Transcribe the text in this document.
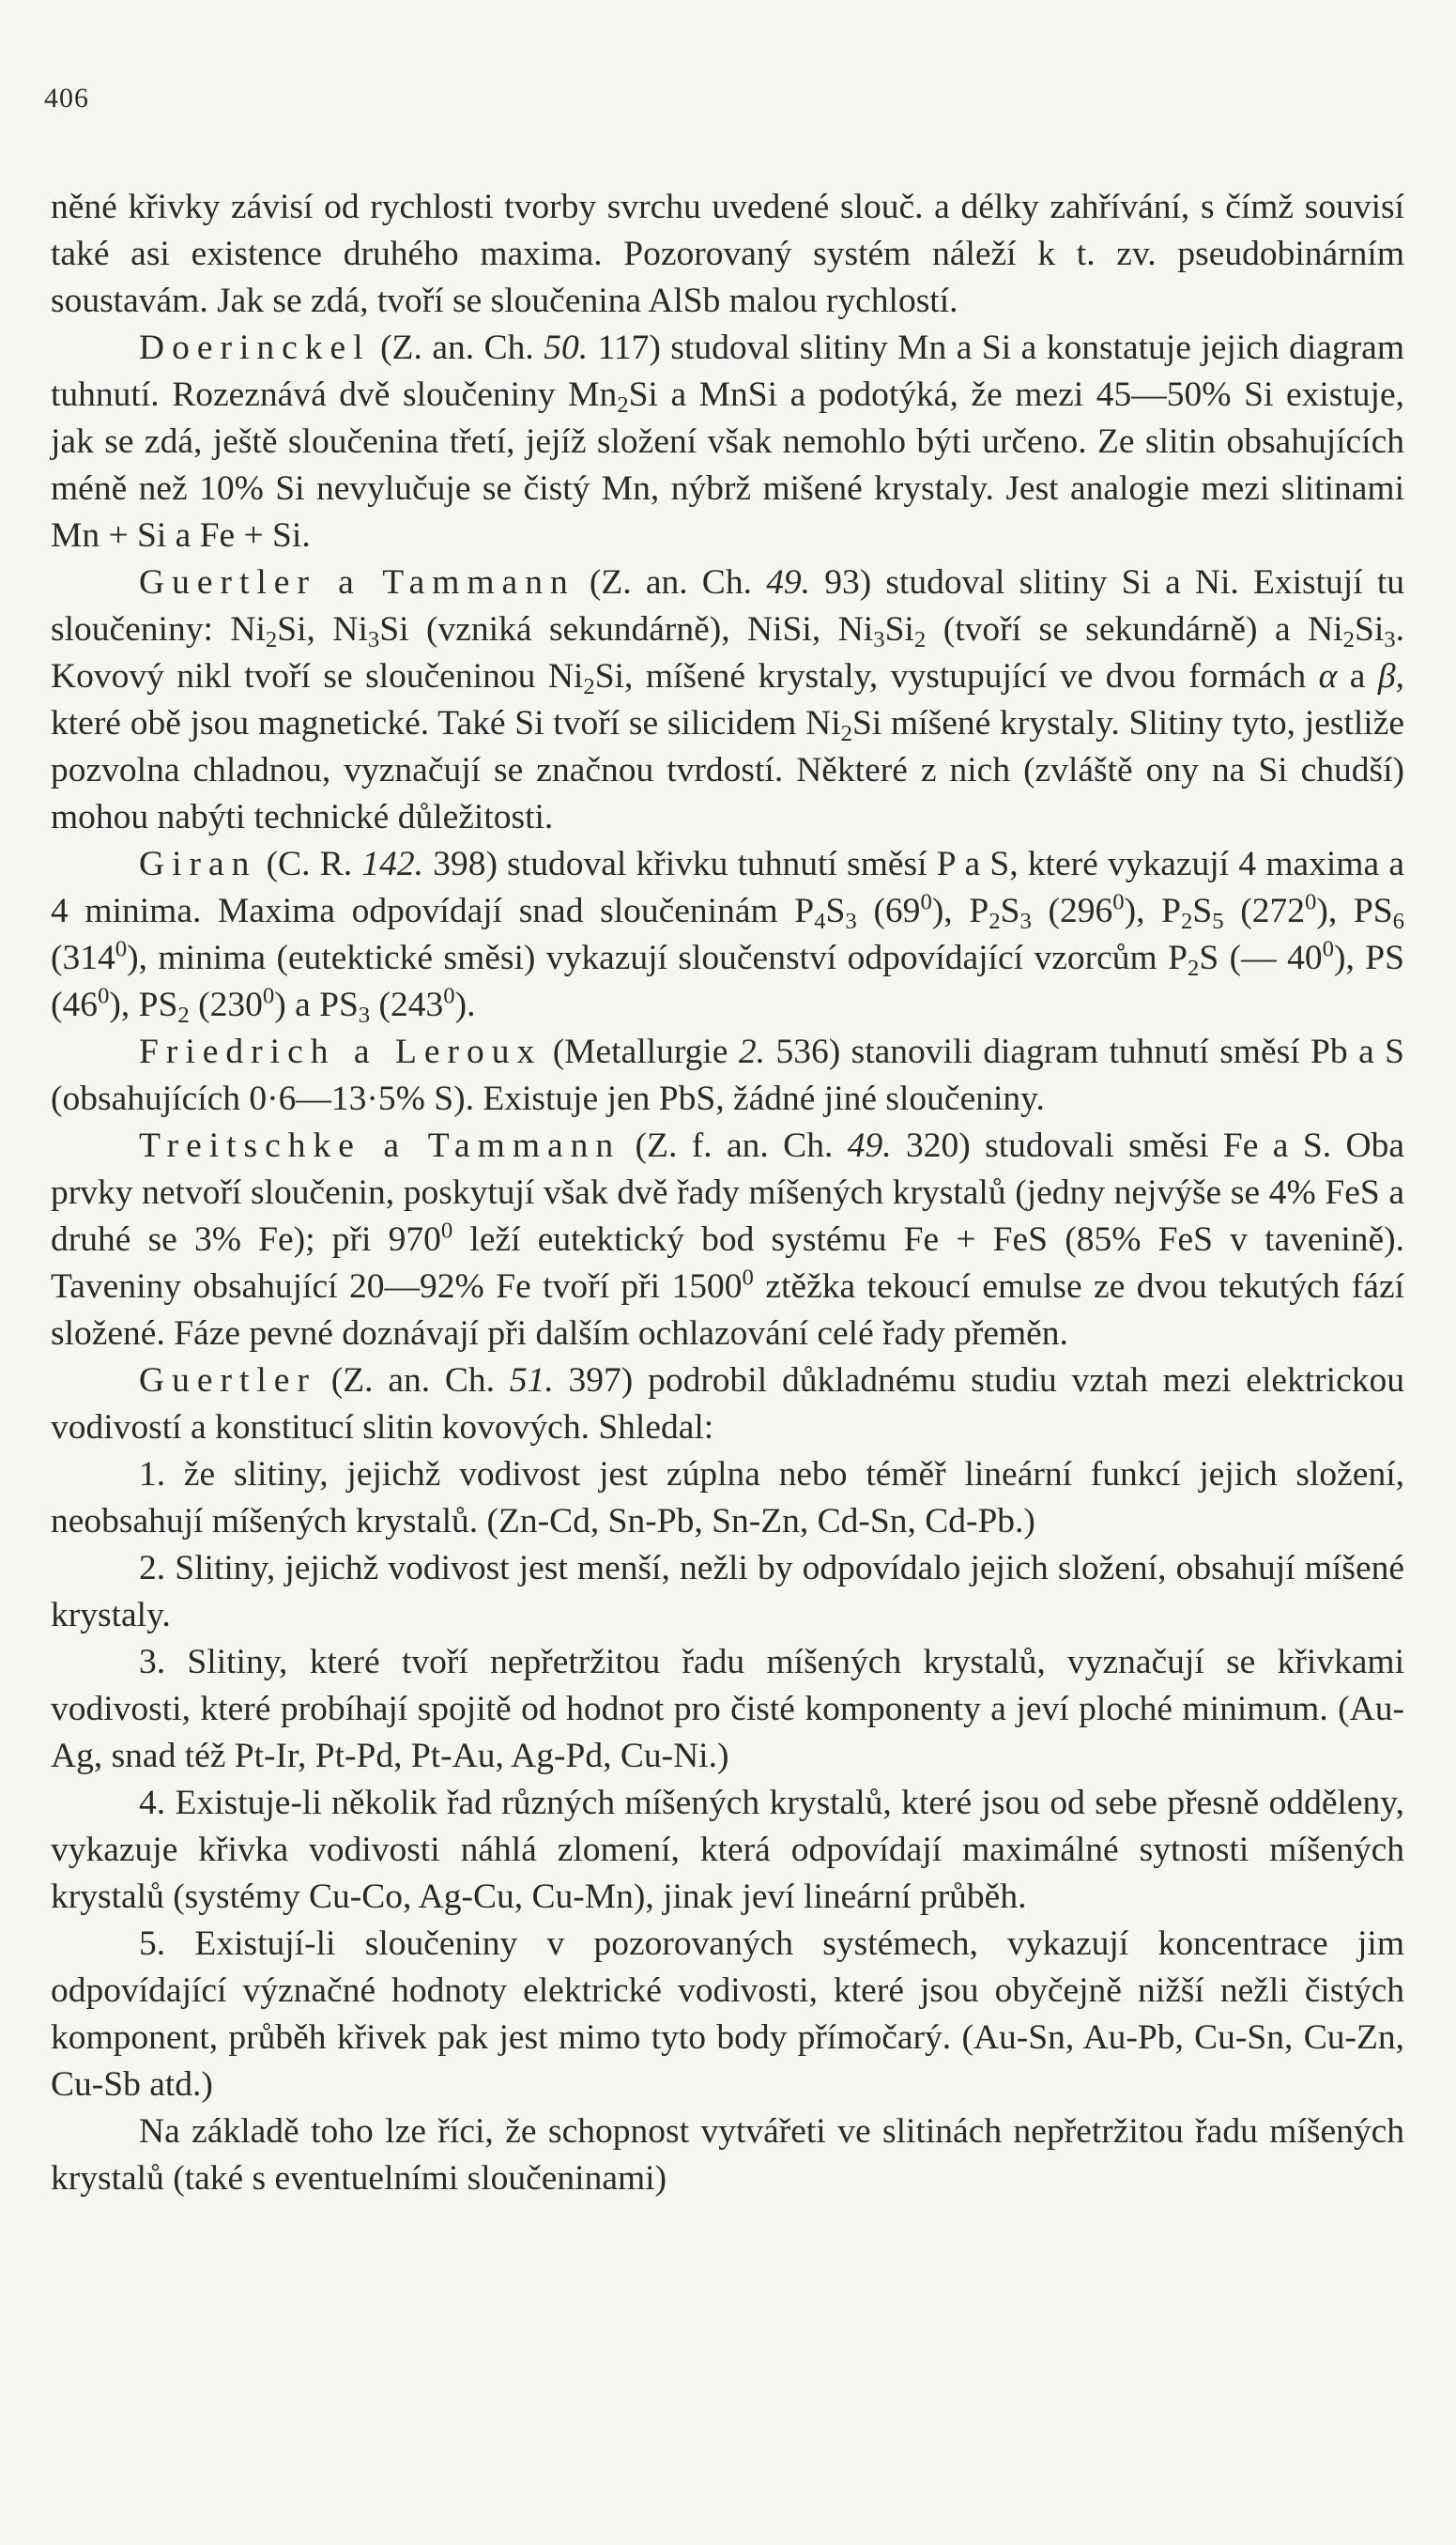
406

něné křivky závisí od rychlosti tvorby svrchu uvedené slouč. a délky zahřívání, s čímž souvisí také asi existence druhého maxima. Pozorovaný systém náleží k t. zv. pseudobinárním soustavám. Jak se zdá, tvoří se sloučenina AlSb malou rychlostí.

Doerinckel (Z. an. Ch. 50. 117) studoval slitiny Mn a Si a konstatuje jejich diagram tuhnutí. Rozeznává dvě sloučeniny $Mn_2Si$ a MnSi a podotýká, že mezi 45—50% Si existuje, jak se zdá, ještě sloučenina třetí, jejíž složení však nemohlo býti určeno. Ze slitin obsahujících méně než 10% Si nevylučuje se čistý Mn, nýbrž mišené krystaly. Jest analogie mezi slitinami Mn + Si a Fe + Si.

Guertler a Tammann (Z. an. Ch. 49. 93) studoval slitiny Si a Ni. Existují tu sloučeniny: $Ni_2Si$, $Ni_3Si$ (vzniká sekundárně), NiSi, $Ni_3Si_2$ (tvoří se sekundárně) a $Ni_2Si_3$. Kovový nikl tvoří se sloučeninou $Ni_2Si$, míšené krystaly, vystupující ve dvou formách α a β, které obě jsou magnetické. Také Si tvoří se silicidem $Ni_2Si$ míšené krystaly. Slitiny tyto, jestliže pozvolna chladnou, vyznačují se značnou tvrdostí. Některé z nich (zvláště ony na Si chudší) mohou nabýti technické důležitosti.

Giran (C. R. 142. 398) studoval křivku tuhnutí směsí P a S, které vykazují 4 maxima a 4 minima. Maxima odpovídají snad sloučeninám $P_4S_3$ $(69^0)$, $P_2S_3$ $(296^0)$, $P_2S_5$ $(272^0)$, $PS_6$ $(314^0)$, minima (eutektické směsi) vykazují sloučenství odpovídající vzorcům $P_2S$ (— $40^0$), PS $(46^0)$, $PS_2$ $(230^0)$ a $PS_3$ $(243^0)$.

Friedrich a Leroux (Metallurgie 2. 536) stanovili diagram tuhnutí směsí Pb a S (obsahujících 0·6—13·5% S). Existuje jen PbS, žádné jiné sloučeniny.

Treitschke a Tammann (Z. f. an. Ch. 49. 320) studovali směsi Fe a S. Oba prvky netvoří sloučenin, poskytují však dvě řady míšených krystalů (jedny nejvýše se 4% FeS a druhé se 3% Fe); při $970^0$ leží eutektický bod systému Fe + FeS (85% FeS v tavenině). Taveniny obsahující 20—92% Fe tvoří při 1500$^0$ ztěžka tekoucí emulse ze dvou tekutých fází složené. Fáze pevné doznávají při dalším ochlazování celé řady přeměn.

Guertler (Z. an. Ch. 51. 397) podrobil důkladnému studiu vztah mezi elektrickou vodivostí a konstitucí slitin kovových. Shledal:

1. že slitiny, jejichž vodivost jest zúplna nebo téměř lineární funkcí jejich složení, neobsahují míšených krystalů. (Zn-Cd, Sn-Pb, Sn-Zn, Cd-Sn, Cd-Pb.)

2. Slitiny, jejichž vodivost jest menší, nežli by odpovídalo jejich složení, obsahují míšené krystaly.

3. Slitiny, které tvoří nepřetržitou řadu míšených krystalů, vyznačují se křivkami vodivosti, které probíhají spojitě od hodnot pro čisté komponenty a jeví ploché minimum. (Au-Ag, snad též Pt-Ir, Pt-Pd, Pt-Au, Ag-Pd, Cu-Ni.)

4. Existuje-li několik řad různých míšených krystalů, které jsou od sebe přesně odděleny, vykazuje křivka vodivosti náhlá zlomení, která odpovídají maximálné sytnosti míšených krystalů (systémy Cu-Co, Ag-Cu, Cu-Mn), jinak jeví lineární průběh.

5. Existují-li sloučeniny v pozorovaných systémech, vykazují koncentrace jim odpovídající význačné hodnoty elektrické vodivosti, které jsou obyčejně nižší nežli čistých komponent, průběh křivek pak jest mimo tyto body přímočarý. (Au-Sn, Au-Pb, Cu-Sn, Cu-Zn, Cu-Sb atd.)

Na základě toho lze říci, že schopnost vytvářeti ve slitinách nepřetržitou řadu míšených krystalů (také s eventuelními sloučeninami)
